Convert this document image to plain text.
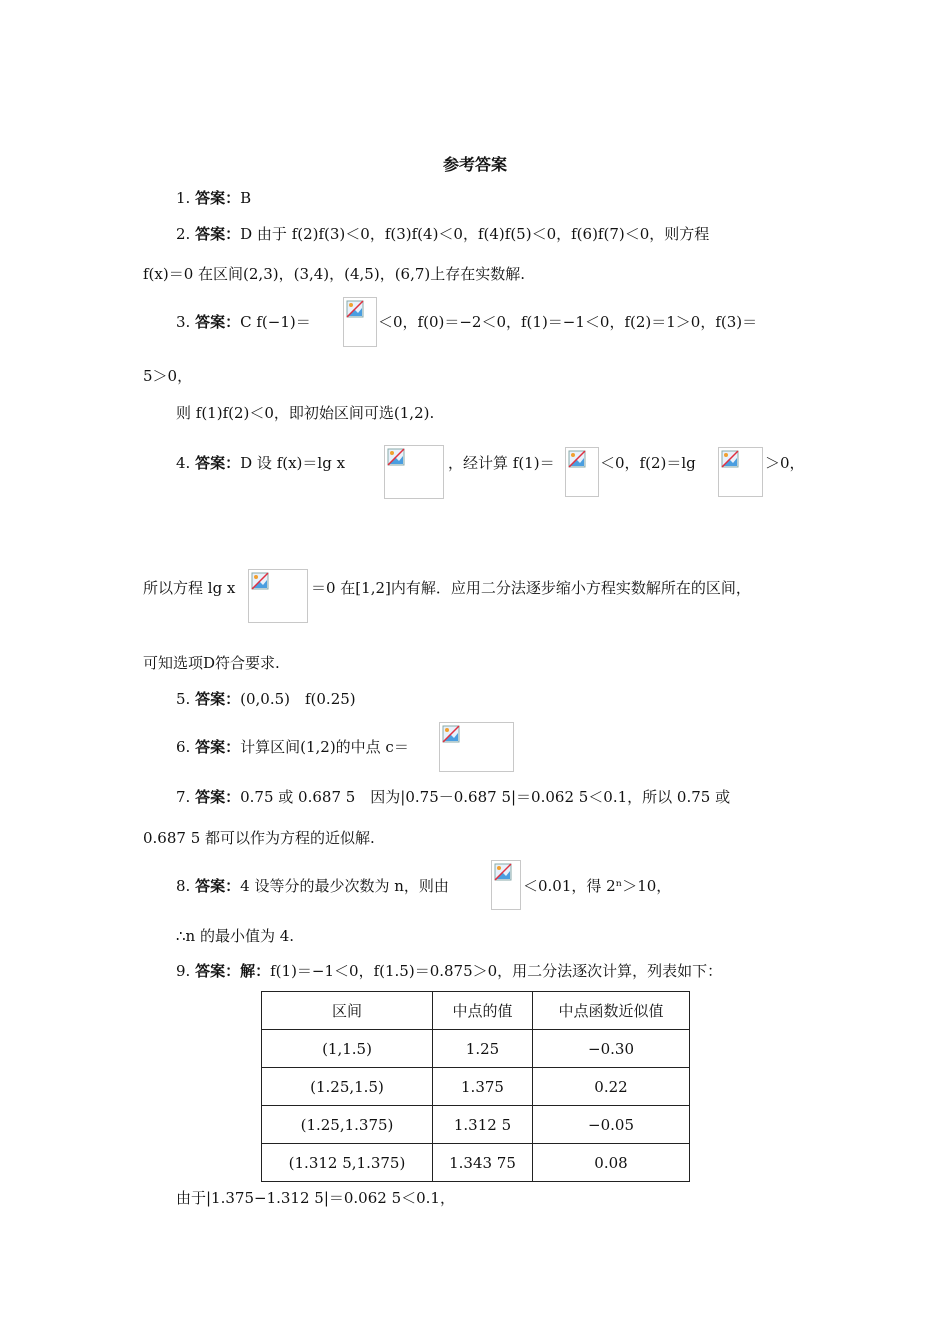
参考答案
1. 答案：B
2. 答案：D 由于 f(2)f(3)＜0，f(3)f(4)＜0，f(4)f(5)＜0，f(6)f(7)＜0，则方程
f(x)＝0 在区间(2,3)，(3,4)，(4,5)，(6,7)上存在实数解.
3. 答案：C f(−1)＝	＜0，f(0)＝−2＜0，f(1)＝−1＜0，f(2)＝1＞0，f(3)＝
5＞0，
则 f(1)f(2)＜0，即初始区间可选(1,2).
4. 答案：D 设 f(x)＝lg x	，经计算 f(1)＝	＜0，f(2)＝lg	＞0，
所以方程 lg x	＝0 在[1,2]内有解．应用二分法逐步缩小方程实数解所在的区间，
可知选项D符合要求.
5. 答案：(0,0.5)　f(0.25)
6. 答案：计算区间(1,2)的中点 c＝
7. 答案：0.75 或 0.687 5　因为|0.75－0.687 5|＝0.062 5＜0.1，所以 0.75 或
0.687 5 都可以作为方程的近似解.
8. 答案：4 设等分的最少次数为 n，则由	＜0.01，得 2ⁿ＞10，
∴n 的最小值为 4.
9. 答案：解：f(1)＝−1＜0，f(1.5)＝0.875＞0，用二分法逐次计算，列表如下：
区间	中点的值	中点函数近似值
(1,1.5)	1.25	−0.30
(1.25,1.5)	1.375	0.22
(1.25,1.375)	1.312 5	−0.05
(1.312 5,1.375)	1.343 75	0.08
由于|1.375−1.312 5|＝0.062 5＜0.1，
